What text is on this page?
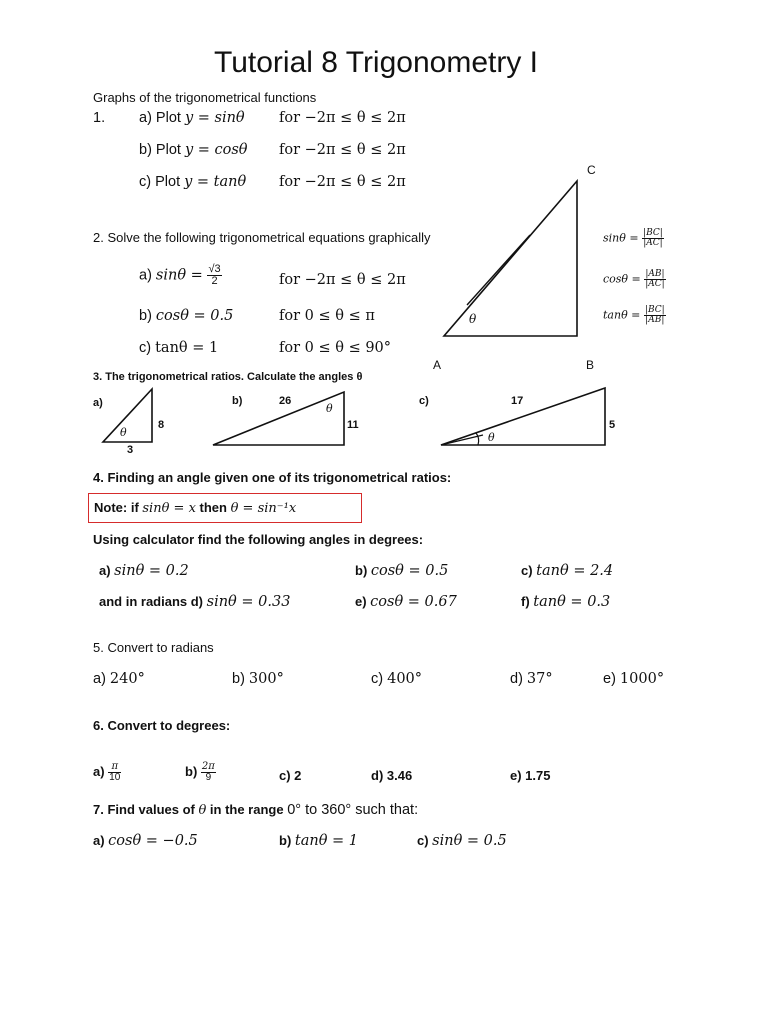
Tutorial 8 Trigonometry I
Graphs of the trigonometrical functions
1. a) Plot y = sinθ for −2π ≤ θ ≤ 2π
b) Plot y = cosθ for −2π ≤ θ ≤ 2π
c) Plot y = tanθ for −2π ≤ θ ≤ 2π
2. Solve the following trigonometrical equations graphically
a) $\sin\theta = \frac{√3}{2}$	for −2π ≤ θ ≤ 2π
b) cosθ = 0.5	for 0 ≤ θ ≤ π
c) tanθ = 1	for 0 ≤ θ ≤ 90°
C
A	B
θ
$\sin\theta = \frac{|BC|}{|AC|}$
$\cos\theta = \frac{|AB|}{|AC|}$
$\tan\theta = \frac{|BC|}{|AB|}$
3. The trigonometrical ratios. Calculate the angles θ
a)
8
3
θ
b)	26
11
θ
c)	17
5
θ
4. Finding an angle given one of its trigonometrical ratios:
Note: if sinθ = x then θ = sin⁻¹x
Using calculator find the following angles in degrees:
a) sinθ = 0.2	b) cosθ = 0.5	c) tanθ = 2.4
and in radians d) sinθ = 0.33	e) cosθ = 0.67	f) tanθ = 0.3
5. Convert to radians
a) 240°	b) 300°	c) 400°	d) 37°	e) 1000°
6. Convert to degrees:
$a) \frac{\pi}{10}$	$b) \frac{2\pi}{9}$	c) 2	d) 3.46	e) 1.75
7. Find values of θ in the range 0° to 360° such that:
a) cosθ = −0.5	b) tanθ = 1	c) sinθ = 0.5
